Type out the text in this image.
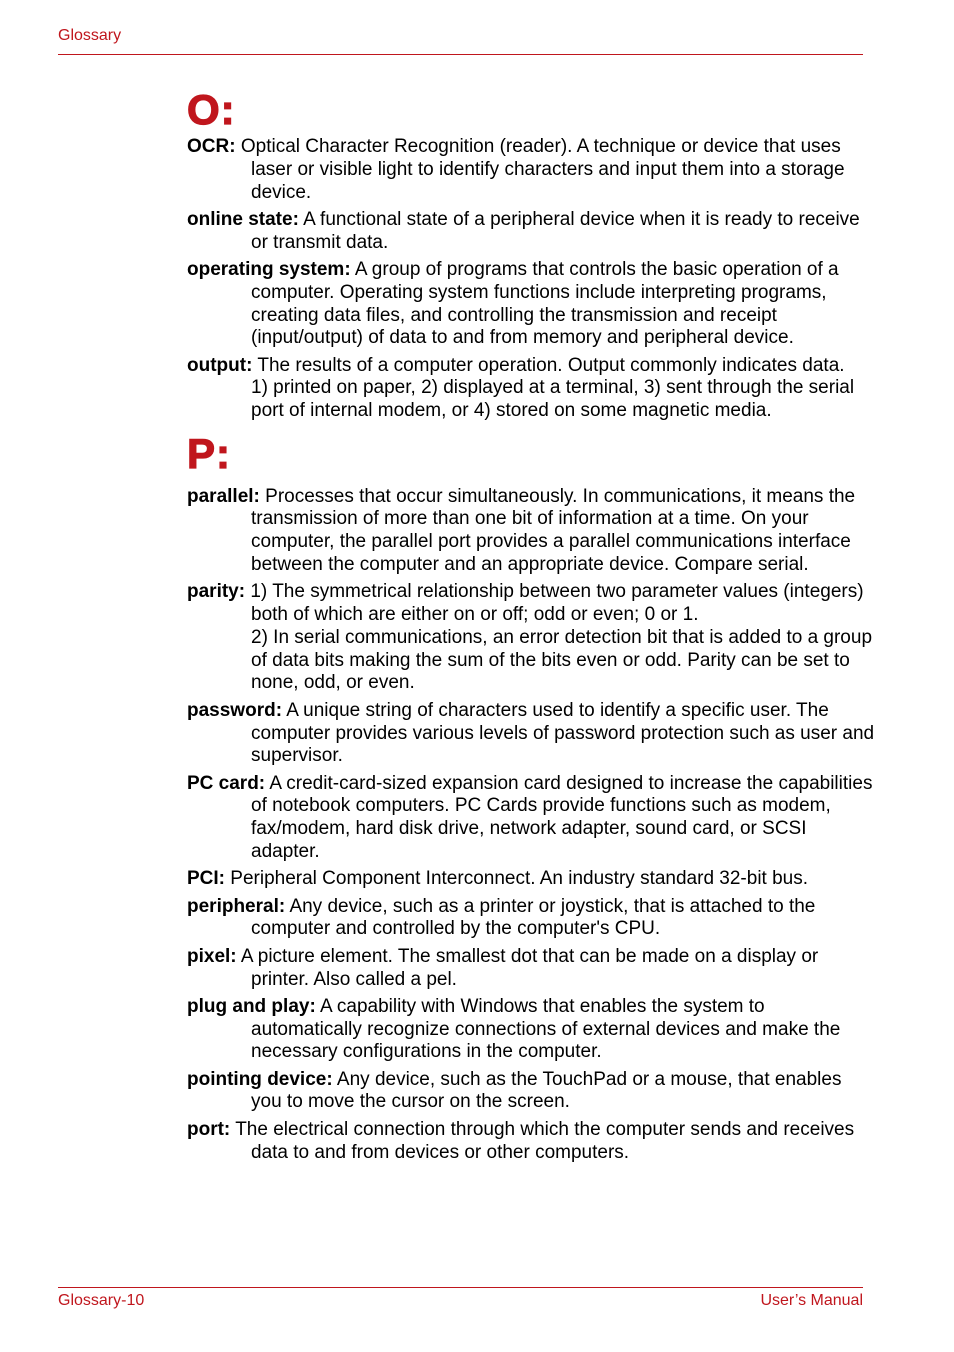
Glossary
O:
OCR: Optical Character Recognition (reader). A technique or device that uses laser or visible light to identify characters and input them into a storage device.
online state: A functional state of a peripheral device when it is ready to receive or transmit data.
operating system: A group of programs that controls the basic operation of a computer. Operating system functions include interpreting programs, creating data files, and controlling the transmission and receipt (input/output) of data to and from memory and peripheral device.
output: The results of a computer operation. Output commonly indicates data.
1) printed on paper, 2) displayed at a terminal, 3) sent through the serial port of internal modem, or 4) stored on some magnetic media.
P:
parallel: Processes that occur simultaneously. In communications, it means the transmission of more than one bit of information at a time. On your computer, the parallel port provides a parallel communications interface between the computer and an appropriate device. Compare serial.
parity: 1) The symmetrical relationship between two parameter values (integers) both of which are either on or off; odd or even; 0 or 1.
2) In serial communications, an error detection bit that is added to a group of data bits making the sum of the bits even or odd. Parity can be set to none, odd, or even.
password: A unique string of characters used to identify a specific user. The computer provides various levels of password protection such as user and supervisor.
PC card: A credit-card-sized expansion card designed to increase the capabilities of notebook computers. PC Cards provide functions such as modem, fax/modem, hard disk drive, network adapter, sound card, or SCSI adapter.
PCI: Peripheral Component Interconnect. An industry standard 32-bit bus.
peripheral: Any device, such as a printer or joystick, that is attached to the computer and controlled by the computer's CPU.
pixel: A picture element. The smallest dot that can be made on a display or printer. Also called a pel.
plug and play: A capability with Windows that enables the system to automatically recognize connections of external devices and make the necessary configurations in the computer.
pointing device: Any device, such as the TouchPad or a mouse, that enables you to move the cursor on the screen.
port: The electrical connection through which the computer sends and receives data to and from devices or other computers.
Glossary-10	User’s Manual
